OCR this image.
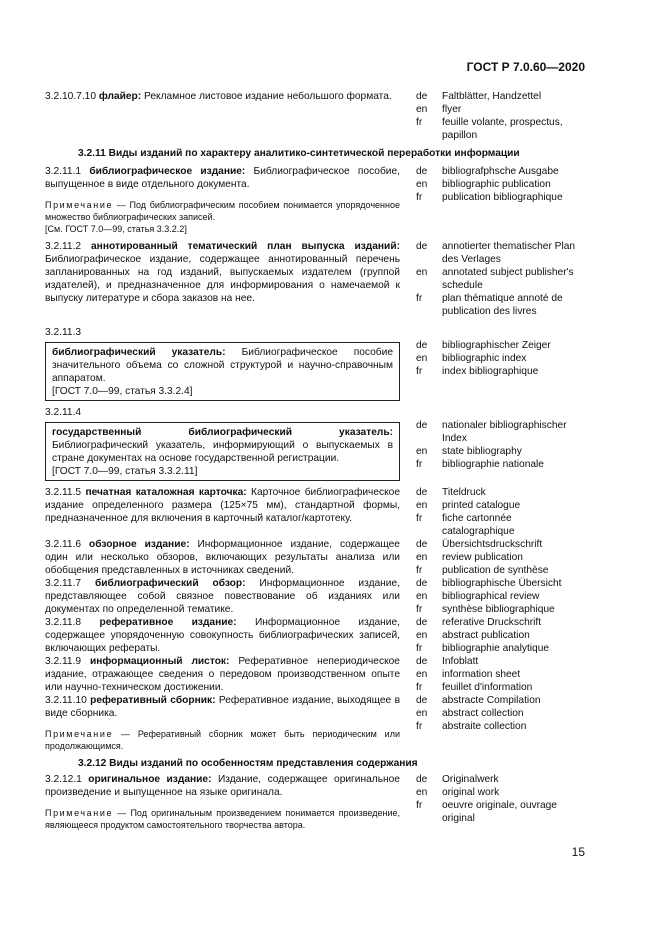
ГОСТ Р 7.0.60—2020
3.2.10.7.10 флайер: Рекламное листовое издание небольшого формата.	de	Faltblätter, Handzettel
en	flyer
fr	feuille volante, prospectus, papillon
3.2.11 Виды изданий по характеру аналитико-синтетической переработки информации
3.2.11.1 библиографическое издание: Библиографическое пособие, выпущенное в виде отдельного документа.
Примечание — Под библиографическим пособием понимается упорядоченное множество библиографических записей.
[См. ГОСТ 7.0—99, статья 3.3.2.2]
de	bibliografphsche Ausgabe
en	bibliographic publication
fr	publication bibliographique
3.2.11.2 аннотированный тематический план выпуска изданий: Библиографическое издание, содержащее аннотированный перечень запланированных на год изданий, выпускаемых издателем (группой издателей), и предназначенное для информирования о намечаемой к выпуску литературе и сбора заказов на нее.
de	annotierter thematischer Plan des Verlages
en	annotated subject publisher's schedule
fr	plan thématique annoté de publication des livres
3.2.11.3
библиографический указатель: Библиографическое пособие значительного объема со сложной структурой и научно-справочным аппаратом.
[ГОСТ 7.0—99, статья 3.3.2.4]
de	bibliographischer Zeiger
en	bibliographic index
fr	index bibliographique
3.2.11.4
государственный библиографический указатель: Библиографический указатель, информирующий о выпускаемых в стране документах на основе государственной регистрации.
[ГОСТ 7.0—99, статья 3.3.2.11]
de	nationaler bibliographischer Index
en	state bibliography
fr	bibliographie nationale
3.2.11.5 печатная каталожная карточка: Карточное библиографическое издание определенного размера (125×75 мм), стандартной формы, предназначенное для включения в карточный каталог/картотеку.
de	Titeldruck
en	printed catalogue
fr	fiche cartonnée catalographique
3.2.11.6 обзорное издание: Информационное издание, содержащее один или несколько обзоров, включающих результаты анализа или обобщения представленных в источниках сведений.
de	Übersichtsdruckschrift
en	review publication
fr	publication de synthèse
3.2.11.7 библиографический обзор: Информационное издание, представляющее собой связное повествование об изданиях или документах по определенной тематике.
de	bibliographische Übersicht
en	bibliographical review
fr	synthèse bibliographique
3.2.11.8 реферативное издание: Информационное издание, содержащее упорядоченную совокупность библиографических записей, включающих рефераты.
de	referative Druckschrift
en	abstract publication
fr	bibliographie analytique
3.2.11.9 информационный листок: Реферативное непериодическое издание, отражающее сведения о передовом производственном опыте или научно-техническом достижении.
de	Infoblatt
en	information sheet
fr	feuillet d'information
3.2.11.10 реферативный сборник: Реферативное издание, выходящее в виде сборника.
Примечание — Реферативный сборник может быть периодическим или продолжающимся.
de	abstracte Compilation
en	abstract collection
fr	abstraite collection
3.2.12 Виды изданий по особенностям представления содержания
3.2.12.1 оригинальное издание: Издание, содержащее оригинальное произведение и выпущенное на языке оригинала.
Примечание — Под оригинальным произведением понимается произведение, являющееся продуктом самостоятельного творчества автора.
de	Originalwerk
en	original work
fr	oeuvre originale, ouvrage original
15
